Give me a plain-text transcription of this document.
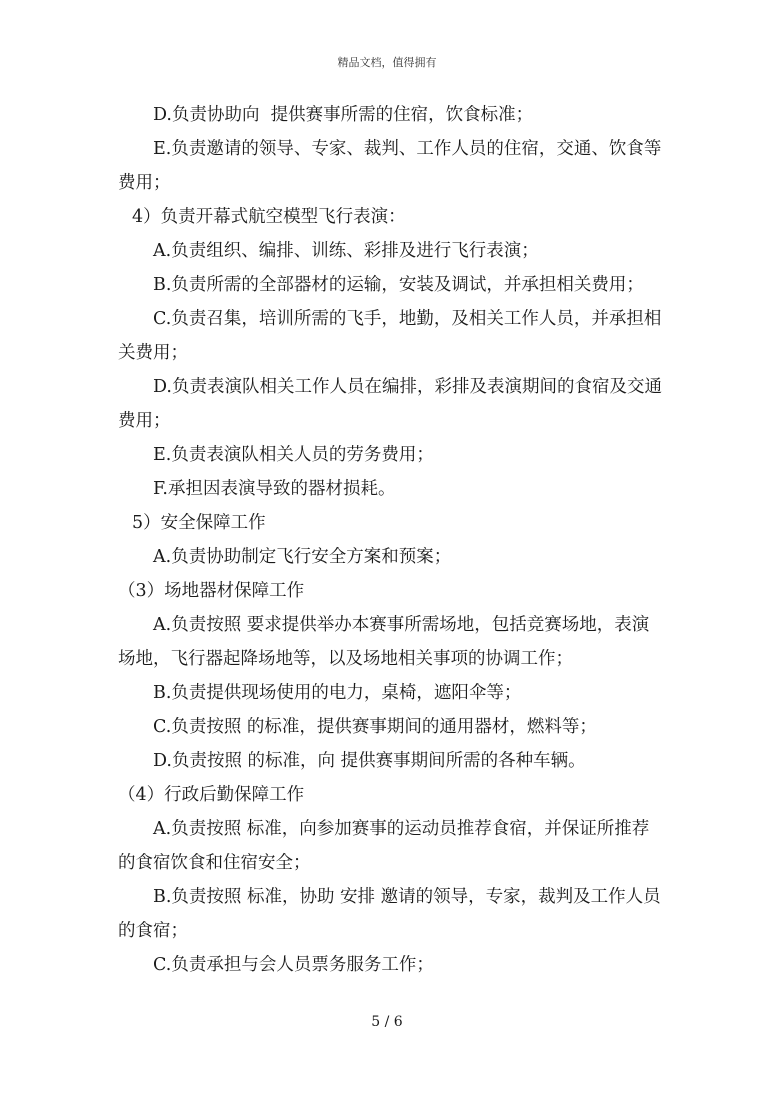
精品文档，值得拥有

D.负责协助向  提供赛事所需的住宿，饮食标准；

E.负责邀请的领导、专家、裁判、工作人员的住宿，交通、饮食等费用；

4）负责开幕式航空模型飞行表演：

A.负责组织、编排、训练、彩排及进行飞行表演；

B.负责所需的全部器材的运输，安装及调试，并承担相关费用；

C.负责召集，培训所需的飞手，地勤，及相关工作人员，并承担相关费用；

D.负责表演队相关工作人员在编排，彩排及表演期间的食宿及交通费用；

E.负责表演队相关人员的劳务费用；

F.承担因表演导致的器材损耗。

5）安全保障工作

A.负责协助制定飞行安全方案和预案；

（3）场地器材保障工作

A.负责按照 要求提供举办本赛事所需场地，包括竞赛场地，表演场地，飞行器起降场地等，以及场地相关事项的协调工作；

B.负责提供现场使用的电力，桌椅，遮阳伞等；

C.负责按照 的标准，提供赛事期间的通用器材，燃料等；

D.负责按照 的标准，向 提供赛事期间所需的各种车辆。

（4）行政后勤保障工作

A.负责按照 标准，向参加赛事的运动员推荐食宿，并保证所推荐的食宿饮食和住宿安全；

B.负责按照 标准，协助 安排 邀请的领导，专家，裁判及工作人员的食宿；

C.负责承担与会人员票务服务工作；

5 / 6
